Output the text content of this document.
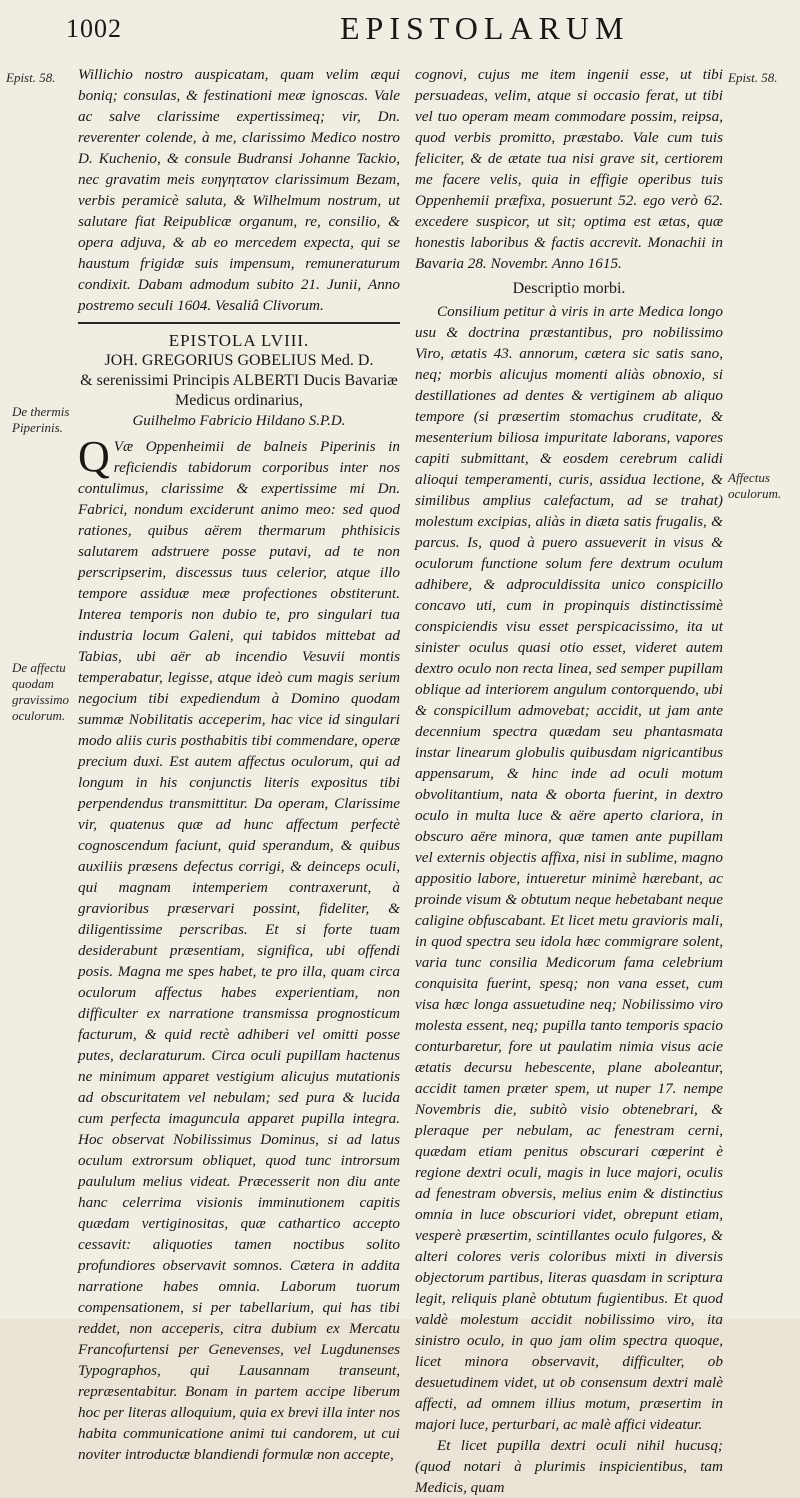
1002	EPISTOLARUM
Epist. 58.
De thermis Piperinis.
De affectu quodam gravissimo oculorum.
Epist. 58.
Affectus oculorum.

Willichio nostro auspicatam, quam velim æqui boniq; consulas, & festinationi meæ ignoscas. Vale ac salve clarissime expertissimeq; vir, Dn. reverenter colende, à me, clarissimo Medico nostro D. Kuchenio, & consule Budransi Johanne Tackio, nec gravatim meis ευηγητατον clarissimum Bezam, verbis peramicè saluta, & Wilhelmum nostrum, ut salutare fiat Reipublicæ organum, re, consilio, & opera adjuva, & ab eo mercedem expecta, qui se haustum frigidæ suis impensum, remuneraturum condixit. Dabam admodum subito 21. Junii, Anno postremo seculi 1604. Vesaliâ Clivorum.

EPISTOLA LVIII.
JOH. GREGORIUS GOBELIUS Med. D.
& serenissimi Principis ALBERTI Ducis Bavariæ Medicus ordinarius,
Guilhelmo Fabricio Hildano S.P.D.

Q Væ Oppenheimii de balneis Piperinis in reficiendis tabidorum corporibus inter nos contulimus, clarissime & expertissime mi Dn. Fabrici, nondum exciderunt animo meo: sed quod rationes, quibus aërem thermarum phthisicis salutarem adstruere posse putavi, ad te non perscripserim, discessus tuus celerior, atque illo tempore assiduæ meæ profectiones obstiterunt. Interea temporis non dubio te, pro singulari tua industria locum Galeni, qui tabidos mittebat ad Tabias, ubi aër ab incendio Vesuvii montis temperabatur, legisse, atque ideò cum magis serium negocium tibi expediendum à Domino quodam summæ Nobilitatis acceperim, hac vice id singulari modo aliis curis posthabitis tibi commendare, operæ precium duxi. Est autem affectus oculorum, qui ad longum in his conjunctis literis expositus tibi perpendendus transmittitur. Da operam, Clarissime vir, quatenus quæ ad hunc affectum perfectè cognoscendum faciunt, quid sperandum, & quibus auxiliis præsens defectus corrigi, & deinceps oculi, qui magnam intemperiem contraxerunt, à gravioribus præservari possint, fideliter, & diligentissime perscribas. Et si forte tuam desiderabunt præsentiam, significa, ubi offendi posis. Magna me spes habet, te pro illa, quam circa oculorum affectus habes experientiam, non difficulter ex narratione transmissa prognosticum facturum, & quid rectè adhiberi vel omitti posse putes, declaraturum. Circa oculi pupillam hactenus ne minimum apparet vestigium alicujus mutationis ad obscuritatem vel nebulam; sed pura & lucida cum perfecta imaguncula apparet pupilla integra. Hoc observat Nobilissimus Dominus, si ad latus oculum extrorsum obliquet, quod tunc introrsum paululum melius videat. Præcesserit non diu ante hanc celerrima visionis imminutionem capitis quædam vertiginositas, quæ cathartico accepto cessavit: aliquoties tamen noctibus solito profundiores observavit somnos. Cætera in addita narratione habes omnia. Laborum tuorum compensationem, si per tabellarium, qui has tibi reddet, non acceperis, citra dubium ex Mercatu Francofurtensi per Genevenses, vel Lugdunenses Typographos, qui Lausannam transeunt, repræsentabitur. Bonam in partem accipe liberum hoc per literas alloquium, quia ex brevi illa inter nos habita communicatione animi tui candorem, ut cui noviter introductæ blandiendi formulæ non accepte,

cognovi, cujus me item ingenii esse, ut tibi persuadeas, velim, atque si occasio ferat, ut tibi vel tuo operam meam commodare possim, reipsa, quod verbis promitto, præstabo. Vale cum tuis feliciter, & de ætate tua nisi grave sit, certiorem me facere velis, quia in effigie operibus tuis Oppenhemii præfixa, posuerunt 52. ego verò 62. excedere suspicor, ut sit; optima est ætas, quæ honestis laboribus & factis accrevit. Monachii in Bavaria 28. Novembr. Anno 1615.

Descriptio morbi.

Consilium petitur à viris in arte Medica longo usu & doctrina præstantibus, pro nobilissimo Viro, ætatis 43. annorum, cætera sic satis sano, neq; morbis alicujus momenti aliàs obnoxio, si destillationes ad dentes & vertiginem ab aliquo tempore (si præsertim stomachus cruditate, & mesenterium biliosa impuritate laborans, vapores capiti submittant, & eosdem cerebrum calidi alioqui temperamenti, curis, assidua lectione, & similibus amplius calefactum, ad se trahat) molestum excipias, aliàs in diæta satis frugalis, & parcus. Is, quod à puero assueverit in visus & oculorum functione solum fere dextrum oculum adhibere, & adproculdissita unico conspicillo concavo uti, cum in propinquis distinctissimè conspiciendis visu esset perspicacissimo, ita ut sinister oculus quasi otio esset, videret autem dextro oculo non recta linea, sed semper pupillam oblique ad interiorem angulum contorquendo, ubi & conspicillum admovebat; accidit, ut jam ante decennium spectra quædam seu phantasmata instar linearum globulis quibusdam nigricantibus appensarum, & hinc inde ad oculi motum obvolitantium, nata & oborta fuerint, in dextro oculo in multa luce & aëre aperto clariora, in obscuro aëre minora, quæ tamen ante pupillam vel externis objectis affixa, nisi in sublime, magno appositio labore, intueretur minimè hærebant, ac proinde visum & obtutum neque hebetabant neque caligine obfuscabant. Et licet metu gravioris mali, in quod spectra seu idola hæc commigrare solent, varia tunc consilia Medicorum fama celebrium conquisita fuerint, spesq; non vana esset, cum visa hæc longa assuetudine neq; Nobilissimo viro molesta essent, neq; pupilla tanto temporis spacio conturbaretur, fore ut paulatim nimia visus acie ætatis decursu hebescente, plane aboleantur, accidit tamen præter spem, ut nuper 17. nempe Novembris die, subitò visio obtenebrari, & pleraque per nebulam, ac fenestram cerni, quædam etiam penitus obscurari cœperint è regione dextri oculi, magis in luce majori, oculis ad fenestram obversis, melius enim & distinctius omnia in luce obscuriori videt, obrepunt etiam, vesperè præsertim, scintillantes oculo fulgores, & alteri colores veris coloribus mixti in diversis objectorum partibus, literas quasdam in scriptura legit, reliquis planè obtutum fugientibus. Et quod valdè molestum accidit nobilissimo viro, ita sinistro oculo, in quo jam olim spectra quoque, licet minora observavit, difficulter, ob desuetudinem videt, ut ob consensum dextri malè affecti, ad omnem illius motum, præsertim in majori luce, perturbari, ac malè affici videatur.

Et licet pupilla dextri oculi nihil hucusq; (quod notari à plurimis inspicientibus, tam Medicis, quam
